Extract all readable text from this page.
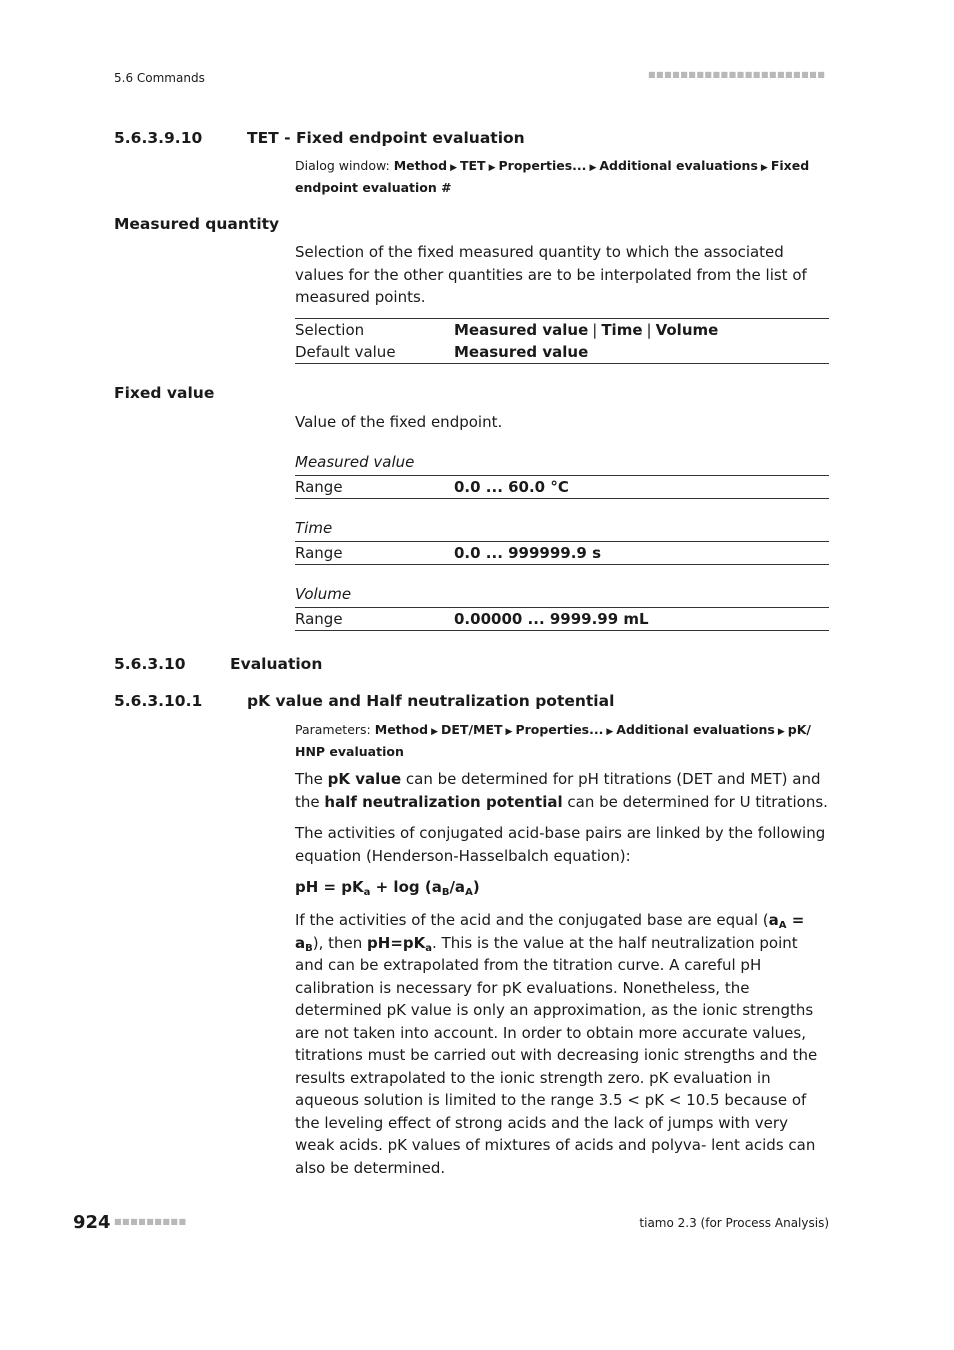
5.6 Commands	■■■■■■■■■■■■■■■■■■■■■■
5.6.3.9.10	TET - Fixed endpoint evaluation
Dialog window: Method ▶ TET ▶ Properties... ▶ Additional evaluations ▶ Fixed endpoint evaluation #
Measured quantity
Selection of the fixed measured quantity to which the associated values for the other quantities are to be interpolated from the list of measured points.
Selection	Measured value | Time | Volume
Default value	Measured value
Fixed value
Value of the fixed endpoint.
Measured value
Range	0.0 ... 60.0 °C
Time
Range	0.0 ... 999999.9 s
Volume
Range	0.00000 ... 9999.99 mL
5.6.3.10	Evaluation
5.6.3.10.1	pK value and Half neutralization potential
Parameters: Method ▶ DET/MET ▶ Properties... ▶ Additional evaluations ▶ pK/ HNP evaluation
The pK value can be determined for pH titrations (DET and MET) and the half neutralization potential can be determined for U titrations.
The activities of conjugated acid-base pairs are linked by the following equation (Henderson-Hasselbalch equation):
pH = $pK_a + \log (a_B/a_A)$
If the activities of the acid and the conjugated base are equal $(a_A = a_B)$, then $pH=pK_a$. This is the value at the half neutralization point and can be extrapolated from the titration curve. A careful pH calibration is necessary for pK evaluations. Nonetheless, the determined pK value is only an approximation, as the ionic strengths are not taken into account. In order to obtain more accurate values, titrations must be carried out with decreasing ionic strengths and the results extrapolated to the ionic strength zero. pK evaluation in aqueous solution is limited to the range 3.5 < pK < 10.5 because of the leveling effect of strong acids and the lack of jumps with very weak acids. pK values of mixtures of acids and polyva- lent acids can also be determined.
924 ■■■■■■■■■	tiamo 2.3 (for Process Analysis)
